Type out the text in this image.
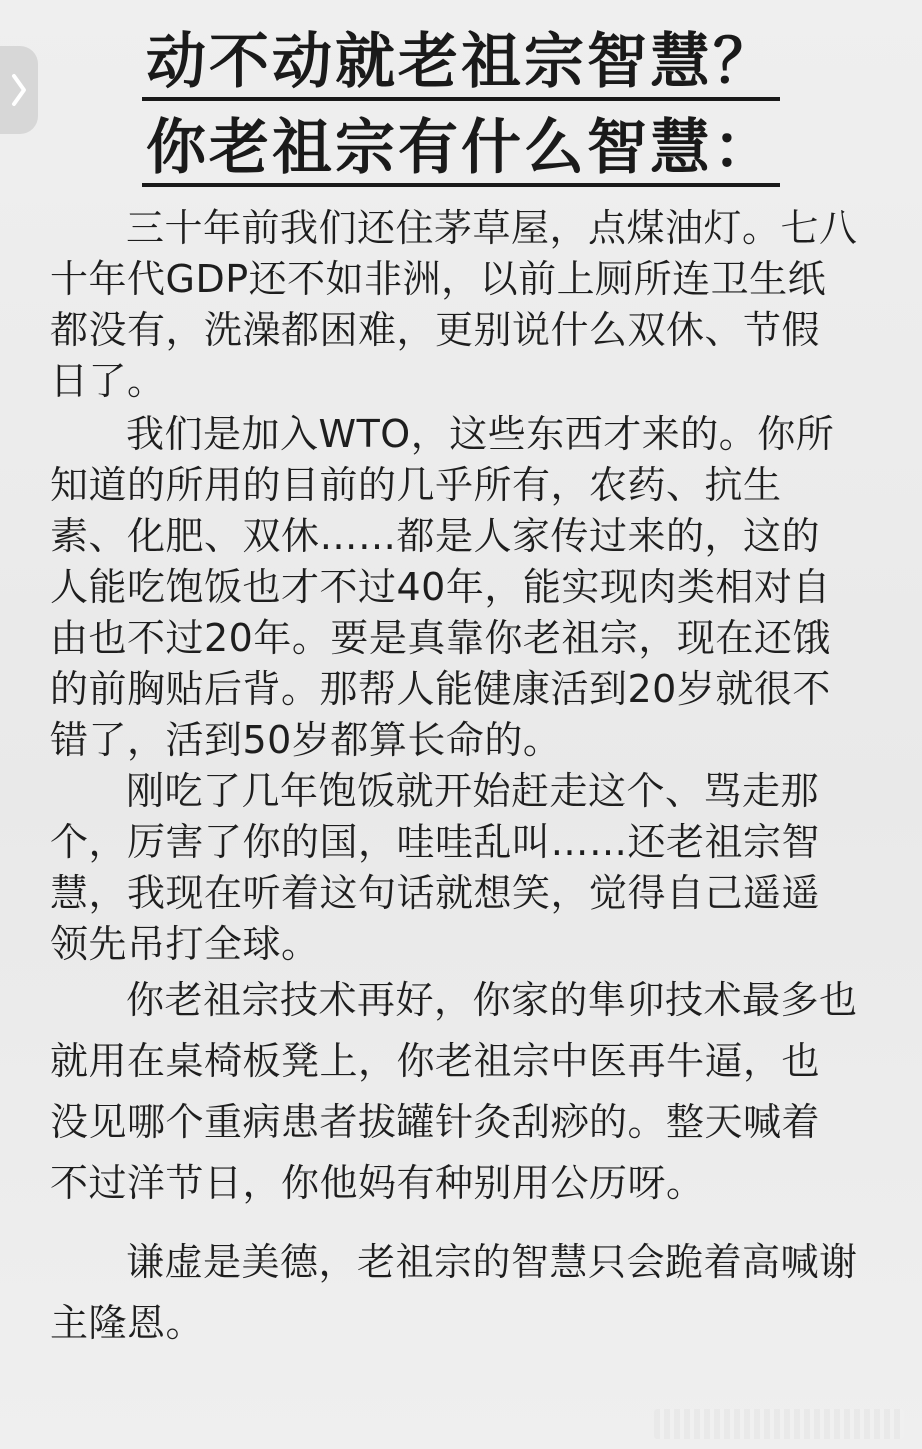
动不动就老祖宗智慧？
你老祖宗有什么智慧：

三十年前我们还住茅草屋，点煤油灯。七八十年代GDP还不如非洲，以前上厕所连卫生纸都没有，洗澡都困难，更别说什么双休、节假日了。

我们是加入WTO，这些东西才来的。你所知道的所用的目前的几乎所有，农药、抗生素、化肥、双休……都是人家传过来的，这的人能吃饱饭也才不过40年，能实现肉类相对自由也不过20年。要是真靠你老祖宗，现在还饿的前胸贴后背。那帮人能健康活到20岁就很不错了，活到50岁都算长命的。

刚吃了几年饱饭就开始赶走这个、骂走那个，厉害了你的国，哇哇乱叫……还老祖宗智慧，我现在听着这句话就想笑，觉得自己遥遥领先吊打全球。

你老祖宗技术再好，你家的隼卯技术最多也就用在桌椅板凳上，你老祖宗中医再牛逼，也没见哪个重病患者拔罐针灸刮痧的。整天喊着不过洋节日，你他妈有种别用公历呀。

谦虚是美德，老祖宗的智慧只会跪着高喊谢主隆恩。
